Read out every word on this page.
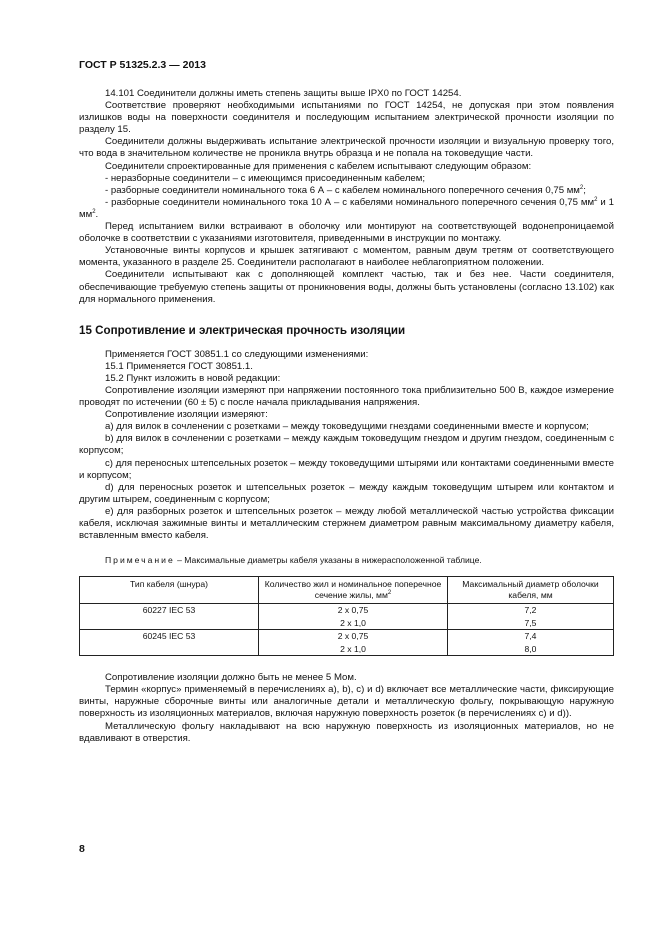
ГОСТ Р 51325.2.3 — 2013

14.101 Соединители должны иметь степень защиты выше IPX0 по ГОСТ 14254.

Соответствие проверяют необходимыми испытаниями по ГОСТ 14254, не допуская при этом появления излишков воды на поверхности соединителя и последующим испытанием электрической прочности изоляции по разделу 15.

Соединители должны выдерживать испытание электрической прочности изоляции и визуальную проверку того, что вода в значительном количестве не проникла внутрь образца и не попала на токоведущие части.

Соединители спроектированные для применения с кабелем испытывают следующим образом:

- неразборные соединители – с имеющимся присоединенным кабелем;

- разборные соединители номинального тока 6 А – с кабелем номинального поперечного сечения 0,75 $мм^2$;

- разборные соединители номинального тока 10 А – с кабелями номинального поперечного сечения 0,75 $мм^2$ и 1 $мм^2$.

Перед испытанием вилки встраивают в оболочку или монтируют на соответствующей водонепроницаемой оболочке в соответствии с указаниями изготовителя, приведенными в инструкции по монтажу.

Установочные винты корпусов и крышек затягивают с моментом, равным двум третям от соответствующего момента, указанного в разделе 25. Соединители располагают в наиболее неблагоприятном положении.

Соединители испытывают как с дополняющей комплект частью, так и без нее. Части соединителя, обеспечивающие требуемую степень защиты от проникновения воды, должны быть установлены (согласно 13.102) как для нормального применения.

15 Сопротивление и электрическая прочность изоляции

Применяется ГОСТ 30851.1 со следующими изменениями:

15.1 Применяется ГОСТ 30851.1.

15.2 Пункт изложить в новой редакции:

Сопротивление изоляции измеряют при напряжении постоянного тока приблизительно 500 В, каждое измерение проводят по истечении (60 ± 5) с после начала прикладывания напряжения.

Сопротивление изоляции измеряют:

a) для вилок в сочленении с розетками – между токоведущими гнездами соединенными вместе и корпусом;

b) для вилок в сочленении с розетками – между каждым токоведущим гнездом и другим гнездом, соединенным с корпусом;

c) для переносных штепсельных розеток – между токоведущими штырями или контактами соединенными вместе и корпусом;

d) для переносных розеток и штепсельных розеток – между каждым токоведущим штырем или контактом и другим штырем, соединенным с корпусом;

e) для разборных розеток и штепсельных розеток – между любой металлической частью устройства фиксации кабеля, исключая зажимные винты и металлическим стержнем диаметром равным максимальному диаметру кабеля, вставленным вместо кабеля.

Примечание – Максимальные диаметры кабеля указаны в нижерасположенной таблице.
Тип кабеля (шнура)	Количество жил и номинальное поперечное сечение жилы, $мм^2$	Максимальный диаметр оболочки кабеля, мм
60227 IEC 53	2 x 0,75	7,2
	2 x 1,0	7,5
60245 IEC 53	2 x 0,75	7,4
	2 x 1,0	8,0

Сопротивление изоляции должно быть не менее 5 Мом.

Термин «корпус» применяемый в перечислениях a), b), c) и d) включает все металлические части, фиксирующие винты, наружные сборочные винты или аналогичные детали и металлическую фольгу, покрывающую наружную поверхность из изоляционных материалов, включая наружную поверхность розеток (в перечислениях c) и d)).

Металлическую фольгу накладывают на всю наружную поверхность из изоляционных материалов, но не вдавливают в отверстия.

8
